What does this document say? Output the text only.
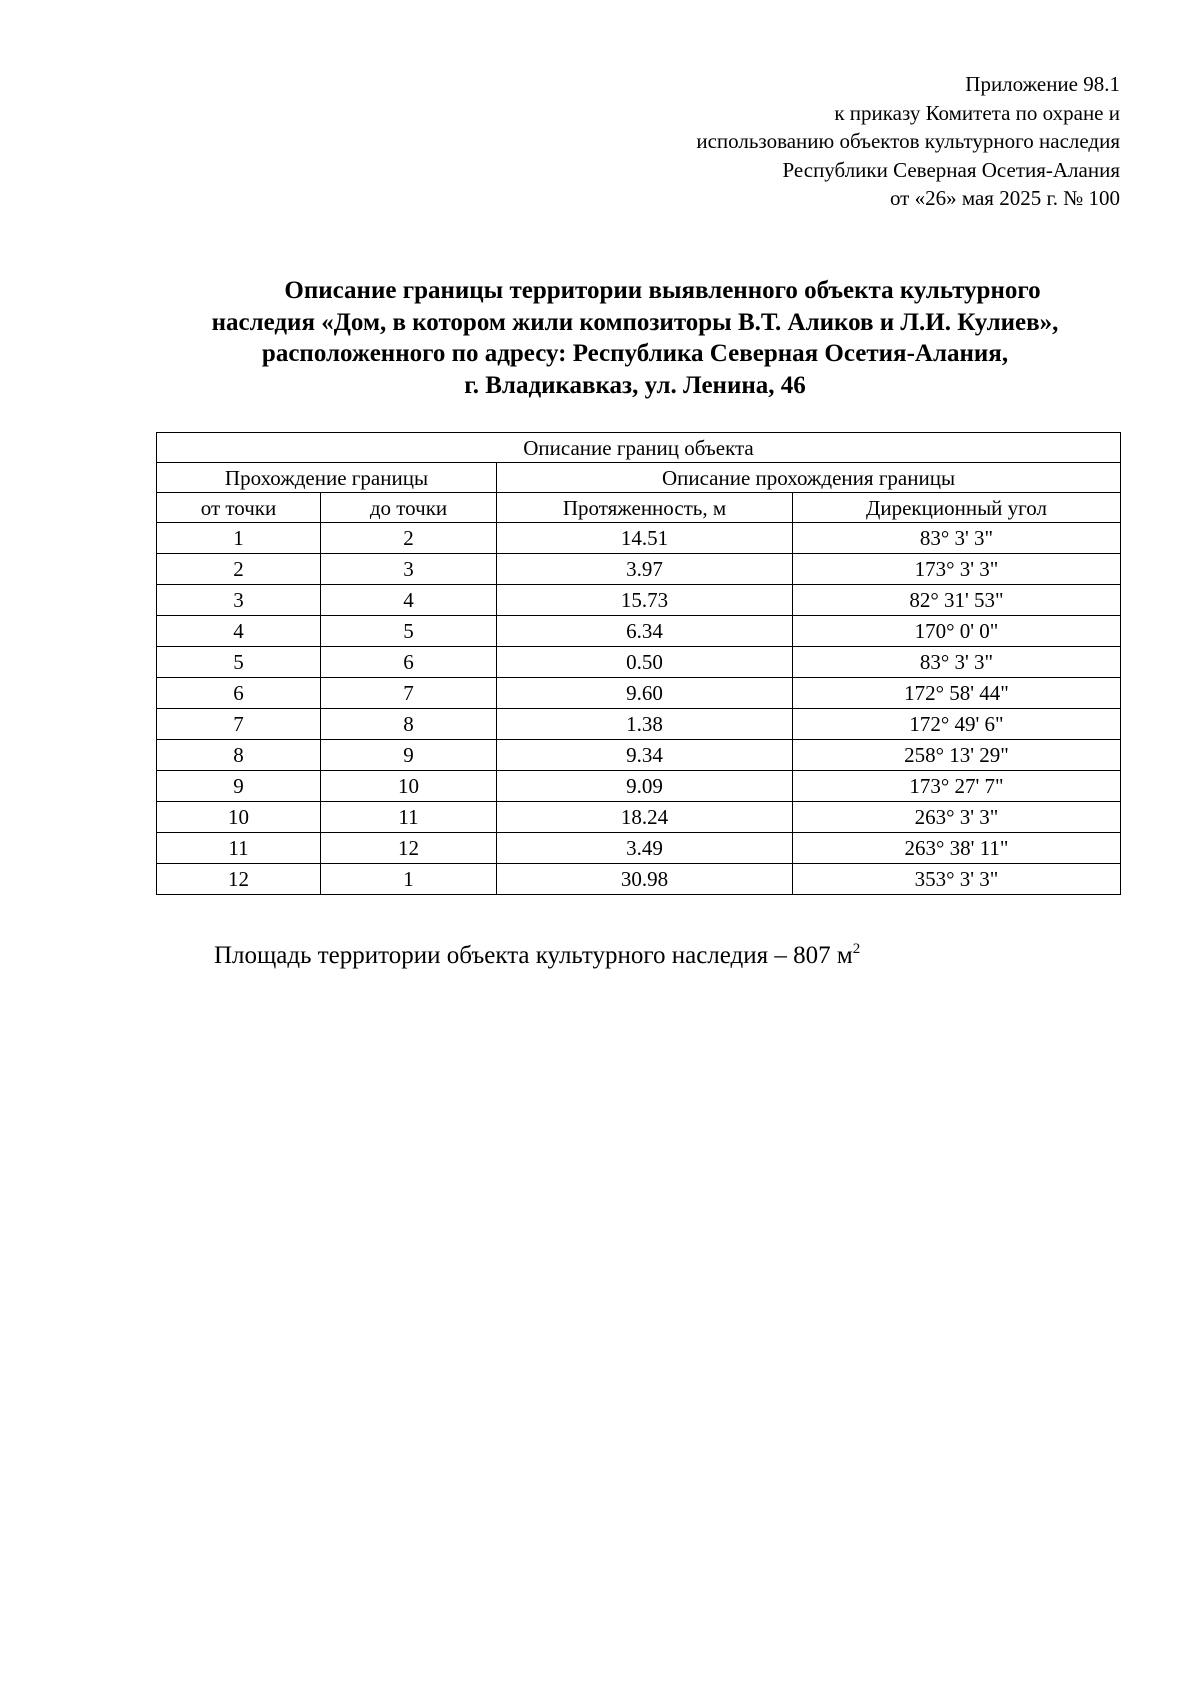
Приложение 98.1
к приказу Комитета по охране и
использованию объектов культурного наследия
Республики Северная Осетия-Алания
от «26» мая 2025 г. № 100
Описание границы территории выявленного объекта культурного
наследия «Дом, в котором жили композиторы В.Т. Аликов и Л.И. Кулиев»,
расположенного по адресу: Республика Северная Осетия-Алания,
г. Владикавказ, ул. Ленина, 46
Описание границ объекта			
Прохождение границы		Описание прохождения границы	
от точки	до точки	Протяженность, м	Дирекционный угол
1	2	14.51	83° 3' 3"
2	3	3.97	173° 3' 3"
3	4	15.73	82° 31' 53"
4	5	6.34	170° 0' 0"
5	6	0.50	83° 3' 3"
6	7	9.60	172° 58' 44"
7	8	1.38	172° 49' 6"
8	9	9.34	258° 13' 29"
9	10	9.09	173° 27' 7"
10	11	18.24	263° 3' 3"
11	12	3.49	263° 38' 11"
12	1	30.98	353° 3' 3"
Площадь территории объекта культурного наследия – 807 $м^2$
